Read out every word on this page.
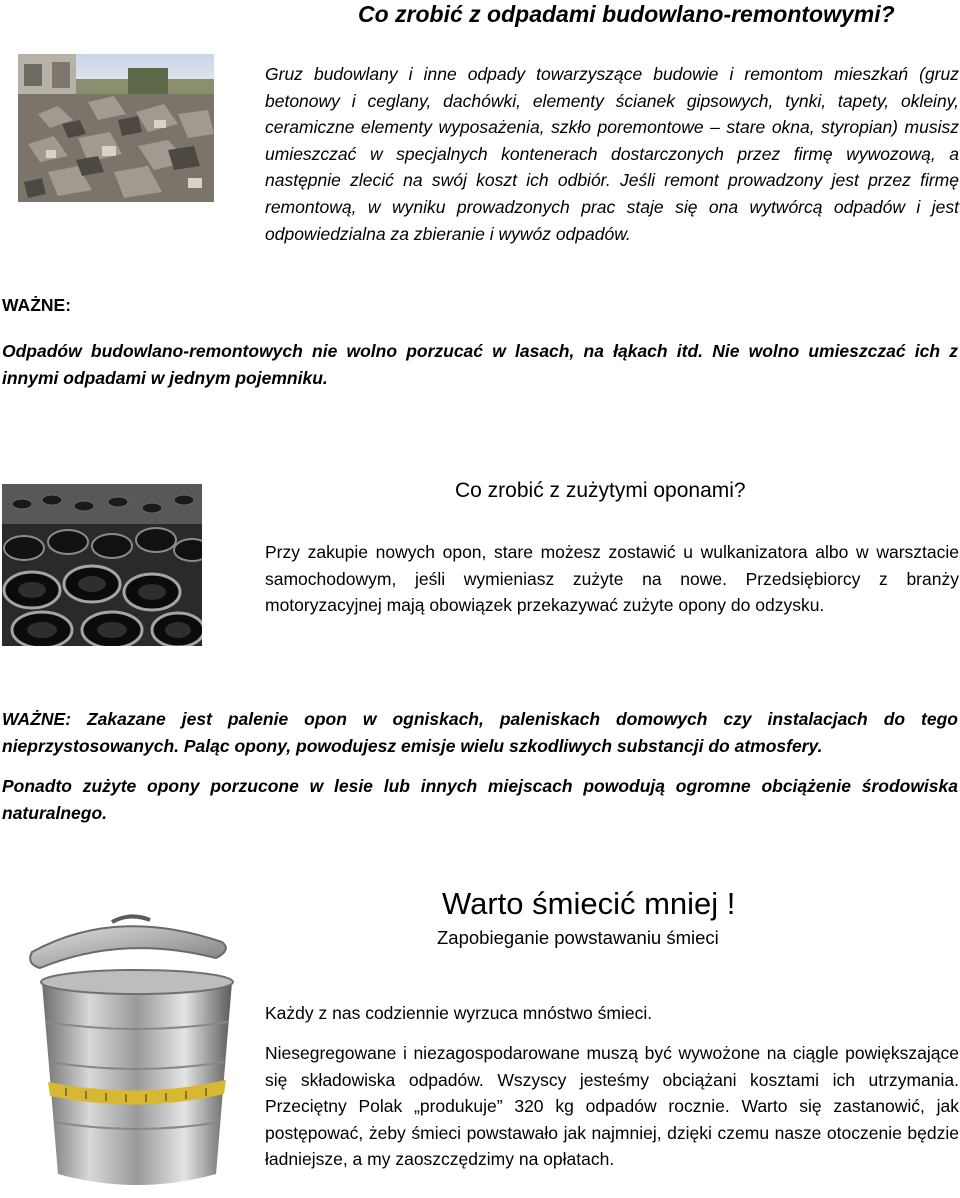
Co zrobić z odpadami budowlano-remontowymi?

Gruz budowlany i inne odpady towarzyszące budowie i remontom mieszkań (gruz betonowy i ceglany, dachówki, elementy ścianek gipsowych, tynki, tapety, okleiny, ceramiczne elementy wyposażenia, szkło poremontowe – stare okna, styropian) musisz umieszczać w specjalnych kontenerach dostarczonych przez firmę wywozową, a następnie zlecić na swój koszt ich odbiór. Jeśli remont prowadzony jest przez firmę remontową, w wyniku prowadzonych prac staje się ona wytwórcą odpadów i jest odpowiedzialna za zbieranie i wywóz odpadów.

WAŻNE:

Odpadów budowlano-remontowych nie wolno porzucać w lasach, na łąkach itd. Nie wolno umieszczać ich z innymi odpadami w jednym pojemniku.

Co zrobić z zużytymi oponami?

Przy zakupie nowych opon, stare możesz zostawić u wulkanizatora albo w warsztacie samochodowym, jeśli wymieniasz zużyte na nowe. Przedsiębiorcy z branży motoryzacyjnej mają obowiązek przekazywać zużyte opony do odzysku.

WAŻNE: Zakazane jest palenie opon w ogniskach, paleniskach domowych czy instalacjach do tego nieprzystosowanych. Paląc opony, powodujesz emisje wielu szkodliwych substancji do atmosfery.

Ponadto zużyte opony porzucone w lesie lub innych miejscach powodują ogromne obciążenie środowiska naturalnego.

Warto śmiecić mniej !
Zapobieganie powstawaniu śmieci

Każdy z nas codziennie wyrzuca mnóstwo śmieci.

Niesegregowane i niezagospodarowane muszą być wywożone na ciągle powiększające się składowiska odpadów. Wszyscy jesteśmy obciążani kosztami ich utrzymania. Przeciętny Polak „produkuje” 320 kg odpadów rocznie. Warto się zastanowić, jak postępować, żeby śmieci powstawało jak najmniej, dzięki czemu nasze otoczenie będzie ładniejsze, a my zaoszczędzimy na opłatach.
